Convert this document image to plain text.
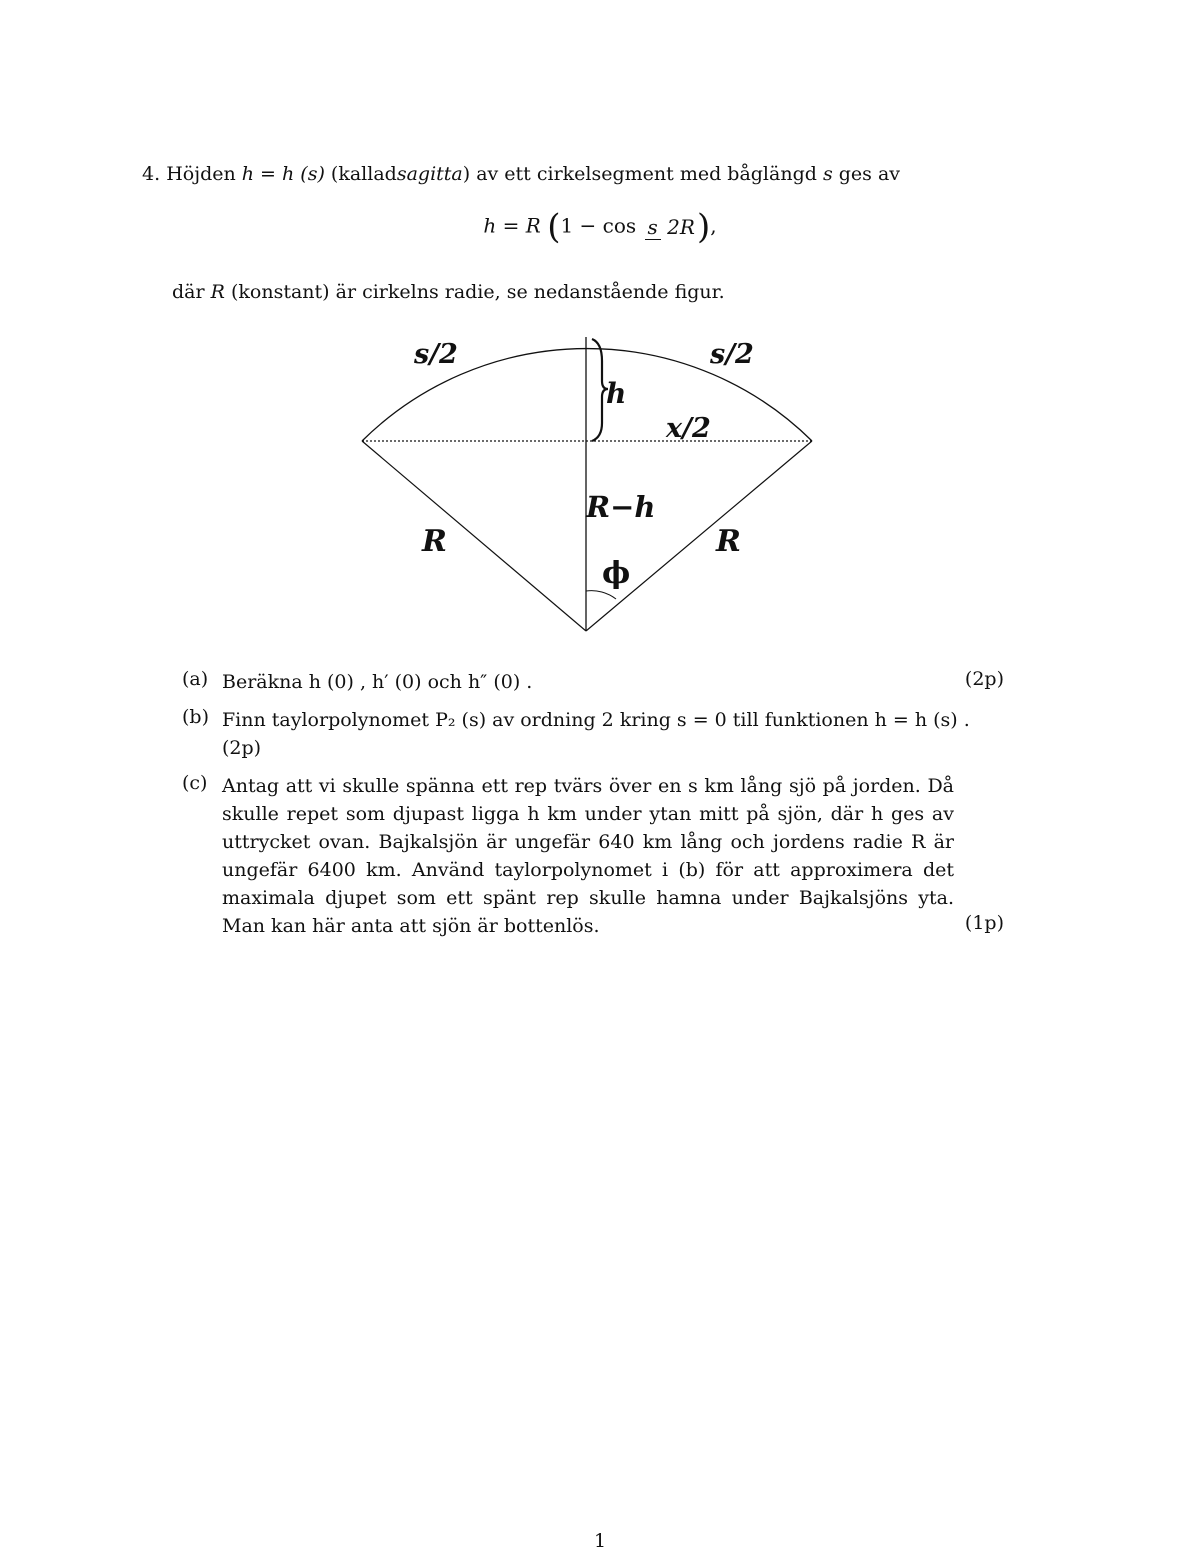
4. Höjden h = h (s) (kalladsagitta) av ett cirkelsegment med båglängd s ges av
h = R (1 − cos s 2R),
där R (konstant) är cirkelns radie, se nedanstående figur.
s/2	s/2
h
x/2
R−h
R	R
ϕ
(a) Beräkna h (0) , h′ (0) och h″ (0) .	(2p)
(b) Finn taylorpolynomet P₂ (s) av ordning 2 kring s = 0 till funktionen h = h (s) .
(2p)
(c) Antag att vi skulle spänna ett rep tvärs över en s km lång sjö på jorden. Då skulle repet som djupast ligga h km under ytan mitt på sjön, där h ges av uttrycket ovan. Bajkalsjön är ungefär 640 km lång och jordens radie R är ungefär 6400 km. Använd taylorpolynomet i (b) för att approximera det maximala djupet som ett spänt rep skulle hamna under Bajkalsjöns yta. Man kan här anta att sjön är bottenlös.	(1p)
1
